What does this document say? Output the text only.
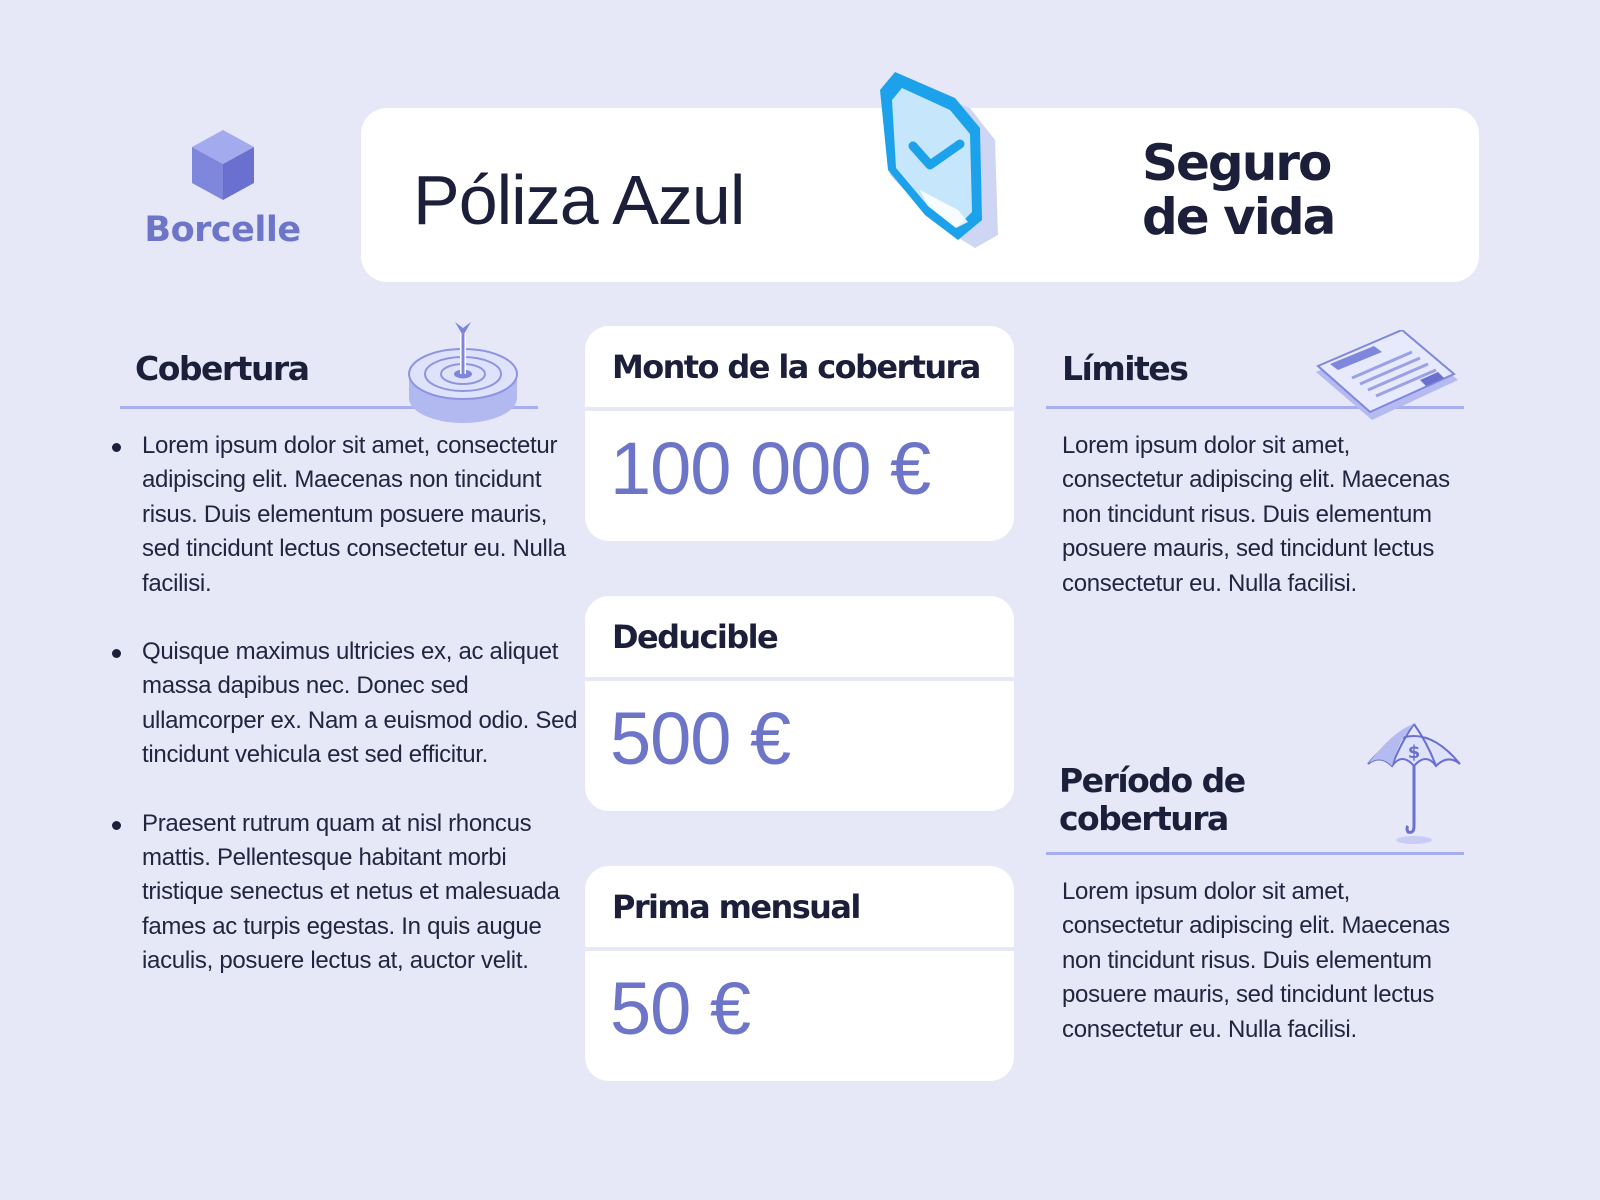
Borcelle Póliza Azul	Seguro
de vida
Cobertura
Lorem ipsum dolor sit amet, consectetur adipiscing elit. Maecenas non tincidunt risus. Duis elementum posuere mauris, sed tincidunt lectus consectetur eu. Nulla facilisi.
Quisque maximus ultricies ex, ac aliquet massa dapibus nec. Donec sed ullamcorper ex. Nam a euismod odio. Sed tincidunt vehicula est sed efficitur.
Praesent rutrum quam at nisl rhoncus mattis. Pellentesque habitant morbi tristique senectus et netus et malesuada fames ac turpis egestas. In quis augue iaculis, posuere lectus at, auctor velit.
Monto de la cobertura
100 000 €
Deducible
500 €
Prima mensual
50 €
Límites
Lorem ipsum dolor sit amet, consectetur adipiscing elit. Maecenas non tincidunt risus. Duis elementum posuere mauris, sed tincidunt lectus consectetur eu. Nulla facilisi.
Período de
cobertura
$
Lorem ipsum dolor sit amet, consectetur adipiscing elit. Maecenas non tincidunt risus. Duis elementum posuere mauris, sed tincidunt lectus consectetur eu. Nulla facilisi.
